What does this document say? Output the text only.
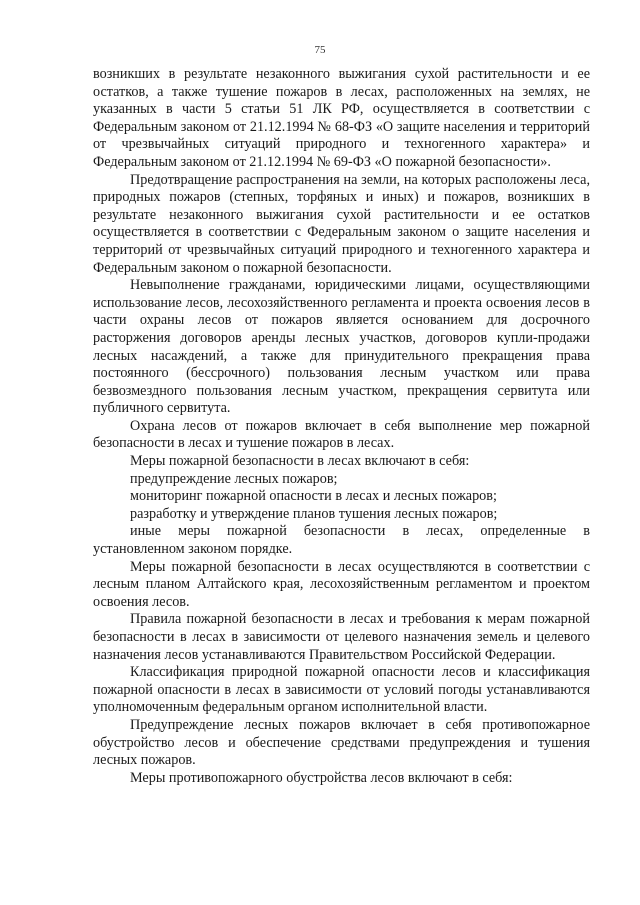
75

возникших в результате незаконного выжигания сухой растительности и ее остатков, а также тушение пожаров в лесах, расположенных на землях, не указанных в части 5 статьи 51 ЛК РФ, осуществляется в соответствии с Федеральным законом от 21.12.1994 № 68-ФЗ «О защите населения и территорий от чрезвычайных ситуаций природного и техногенного характера» и Федеральным законом от 21.12.1994 № 69-ФЗ «О пожарной безопасности».

Предотвращение распространения на земли, на которых расположены леса, природных пожаров (степных, торфяных и иных) и пожаров, возникших в результате незаконного выжигания сухой растительности и ее остатков осуществляется в соответствии с Федеральным законом о защите населения и территорий от чрезвычайных ситуаций природного и техногенного характера и Федеральным законом о пожарной безопасности.

Невыполнение гражданами, юридическими лицами, осуществляющими использование лесов, лесохозяйственного регламента и проекта освоения лесов в части охраны лесов от пожаров является основанием для досрочного расторжения договоров аренды лесных участков, договоров купли-продажи лесных насаждений, а также для принудительного прекращения права постоянного (бессрочного) пользования лесным участком или права безвозмездного пользования лесным участком, прекращения сервитута или публичного сервитута.

Охрана лесов от пожаров включает в себя выполнение мер пожарной безопасности в лесах и тушение пожаров в лесах.

Меры пожарной безопасности в лесах включают в себя:

предупреждение лесных пожаров;

мониторинг пожарной опасности в лесах и лесных пожаров;

разработку и утверждение планов тушения лесных пожаров;

иные меры пожарной безопасности в лесах, определенные в установленном законом порядке.

Меры пожарной безопасности в лесах осуществляются в соответствии с лесным планом Алтайского края, лесохозяйственным регламентом и проектом освоения лесов.

Правила пожарной безопасности в лесах и требования к мерам пожарной безопасности в лесах в зависимости от целевого назначения земель и целевого назначения лесов устанавливаются Правительством Российской Федерации.

Классификация природной пожарной опасности лесов и классификация пожарной опасности в лесах в зависимости от условий погоды устанавливаются уполномоченным федеральным органом исполнительной власти.

Предупреждение лесных пожаров включает в себя противопожарное обустройство лесов и обеспечение средствами предупреждения и тушения лесных пожаров.

Меры противопожарного обустройства лесов включают в себя:
